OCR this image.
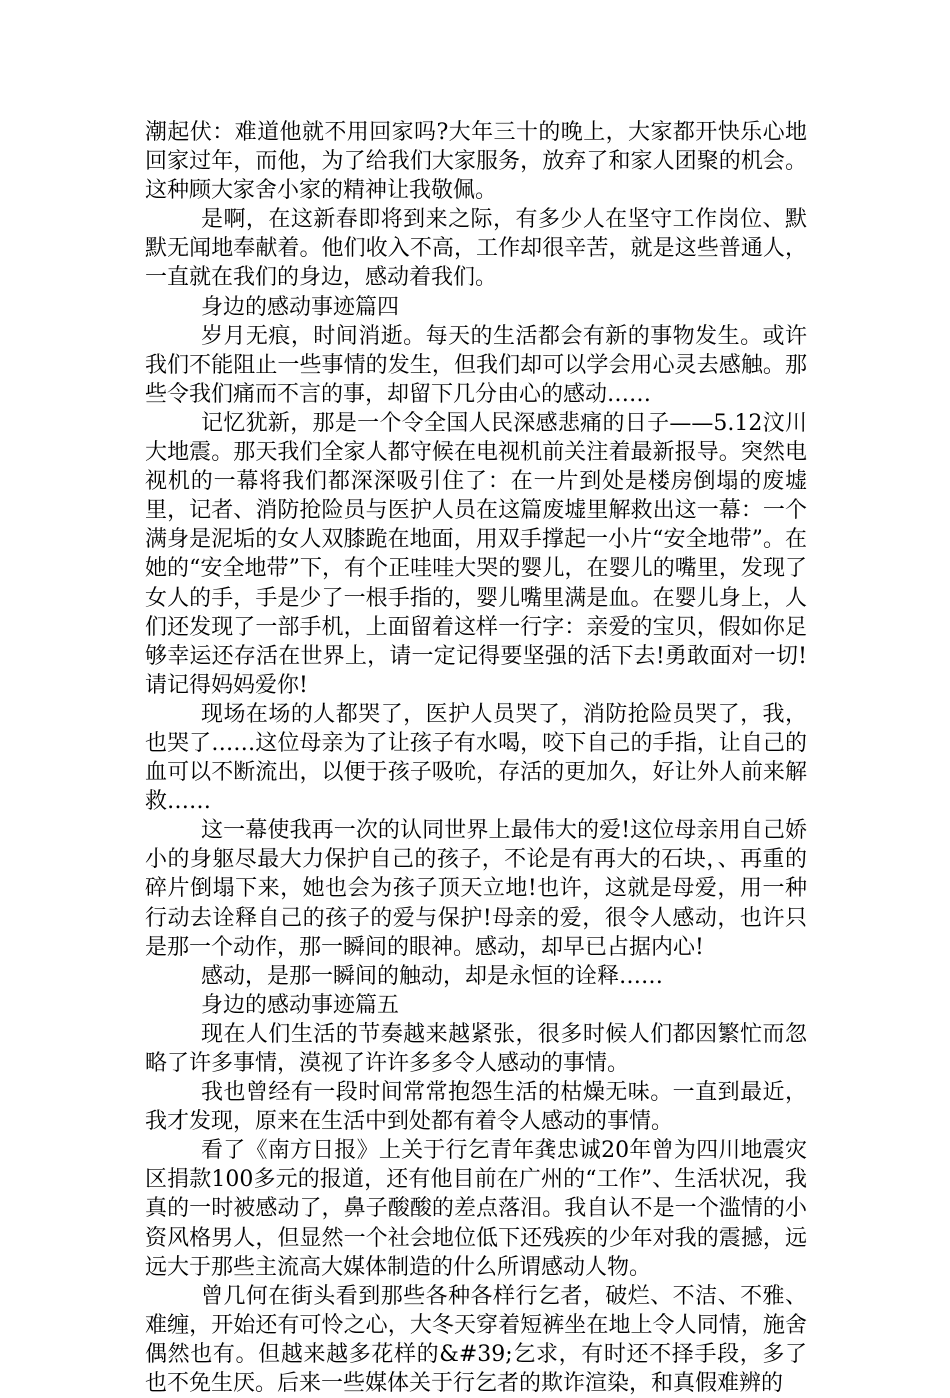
潮起伏：难道他就不用回家吗?大年三十的晚上，大家都开快乐心地回家过年，而他，为了给我们大家服务，放弃了和家人团聚的机会。这种顾大家舍小家的精神让我敬佩。

是啊，在这新春即将到来之际，有多少人在坚守工作岗位、默默无闻地奉献着。他们收入不高，工作却很辛苦，就是这些普通人，一直就在我们的身边，感动着我们。

身边的感动事迹篇四

岁月无痕，时间消逝。每天的生活都会有新的事物发生。或许我们不能阻止一些事情的发生，但我们却可以学会用心灵去感触。那些令我们痛而不言的事，却留下几分由心的感动……

记忆犹新，那是一个令全国人民深感悲痛的日子——5.12汶川大地震。那天我们全家人都守候在电视机前关注着最新报导。突然电视机的一幕将我们都深深吸引住了：在一片到处是楼房倒塌的废墟里，记者、消防抢险员与医护人员在这篇废墟里解救出这一幕：一个满身是泥垢的女人双膝跪在地面，用双手撑起一小片“安全地带”。在她的“安全地带”下，有个正哇哇大哭的婴儿，在婴儿的嘴里，发现了女人的手，手是少了一根手指的，婴儿嘴里满是血。在婴儿身上，人们还发现了一部手机，上面留着这样一行字：亲爱的宝贝，假如你足够幸运还存活在世界上，请一定记得要坚强的活下去!勇敢面对一切!请记得妈妈爱你!

现场在场的人都哭了，医护人员哭了，消防抢险员哭了，我，也哭了……这位母亲为了让孩子有水喝，咬下自己的手指，让自己的血可以不断流出，以便于孩子吸吮，存活的更加久，好让外人前来解救……

这一幕使我再一次的认同世界上最伟大的爱!这位母亲用自己娇小的身躯尽最大力保护自己的孩子，不论是有再大的石块，、再重的碎片倒塌下来，她也会为孩子顶天立地!也许，这就是母爱，用一种行动去诠释自己的孩子的爱与保护!母亲的爱，很令人感动，也许只是那一个动作，那一瞬间的眼神。感动，却早已占据内心!

感动，是那一瞬间的触动，却是永恒的诠释……

身边的感动事迹篇五

现在人们生活的节奏越来越紧张，很多时候人们都因繁忙而忽略了许多事情，漠视了许许多多令人感动的事情。

我也曾经有一段时间常常抱怨生活的枯燥无味。一直到最近，我才发现，原来在生活中到处都有着令人感动的事情。

看了《南方日报》上关于行乞青年龚忠诚20年曾为四川地震灾区捐款100多元的报道，还有他目前在广州的“工作”、生活状况，我真的一时被感动了，鼻子酸酸的差点落泪。我自认不是一个滥情的小资风格男人，但显然一个社会地位低下还残疾的少年对我的震撼，远远大于那些主流高大媒体制造的什么所谓感动人物。

曾几何在街头看到那些各种各样行乞者，破烂、不洁、不雅、难缠，开始还有可怜之心，大冬天穿着短裤坐在地上令人同情，施舍偶然也有。但越来越多花样的&#39;乞求，有时还不择手段，多了也不免生厌。后来一些媒体关于行乞者的欺诈渲染，和真假难辨的
